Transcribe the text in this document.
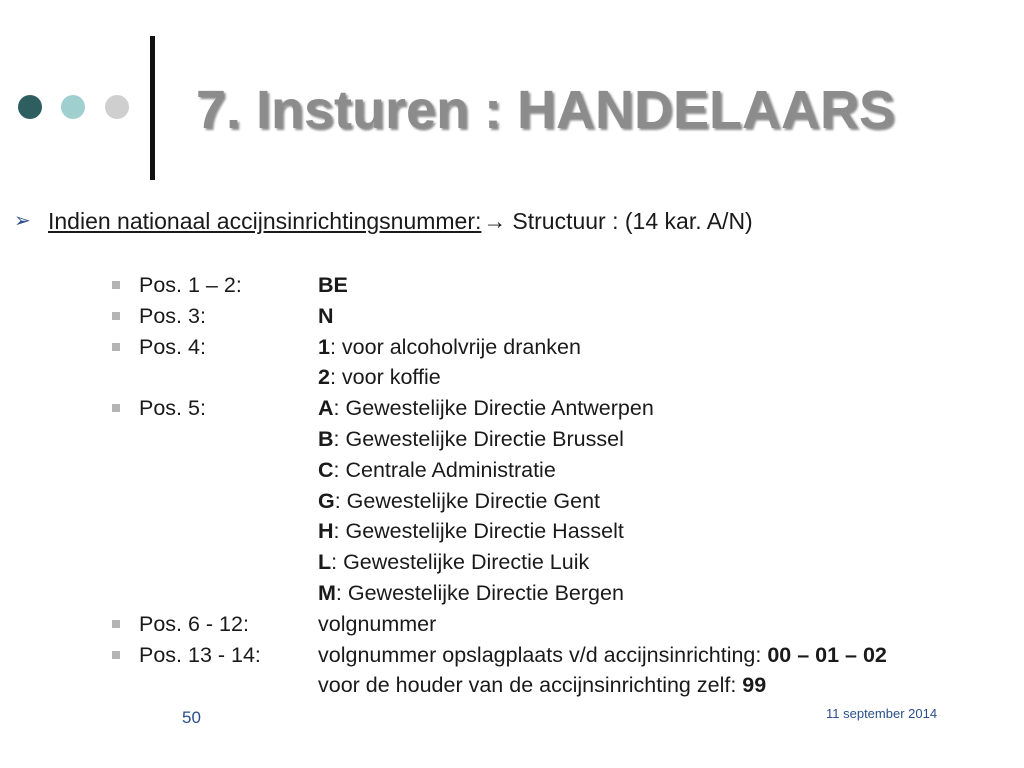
7. Insturen : HANDELAARS
➢ Indien nationaal accijnsinrichtingsnummer: → Structuur : (14 kar. A/N)
Pos. 1 – 2:	BE
Pos. 3:	N
Pos. 4:	1: voor alcoholvrije dranken
2: voor koffie
Pos. 5:	A: Gewestelijke Directie Antwerpen
B: Gewestelijke Directie Brussel
C: Centrale Administratie
G: Gewestelijke Directie Gent
H: Gewestelijke Directie Hasselt
L: Gewestelijke Directie Luik
M: Gewestelijke Directie Bergen
Pos. 6 - 12:	volgnummer
Pos. 13 - 14:	volgnummer opslagplaats v/d accijnsinrichting: 00 – 01 – 02
voor de houder van de accijnsinrichting zelf: 99
50	11 september 2014
